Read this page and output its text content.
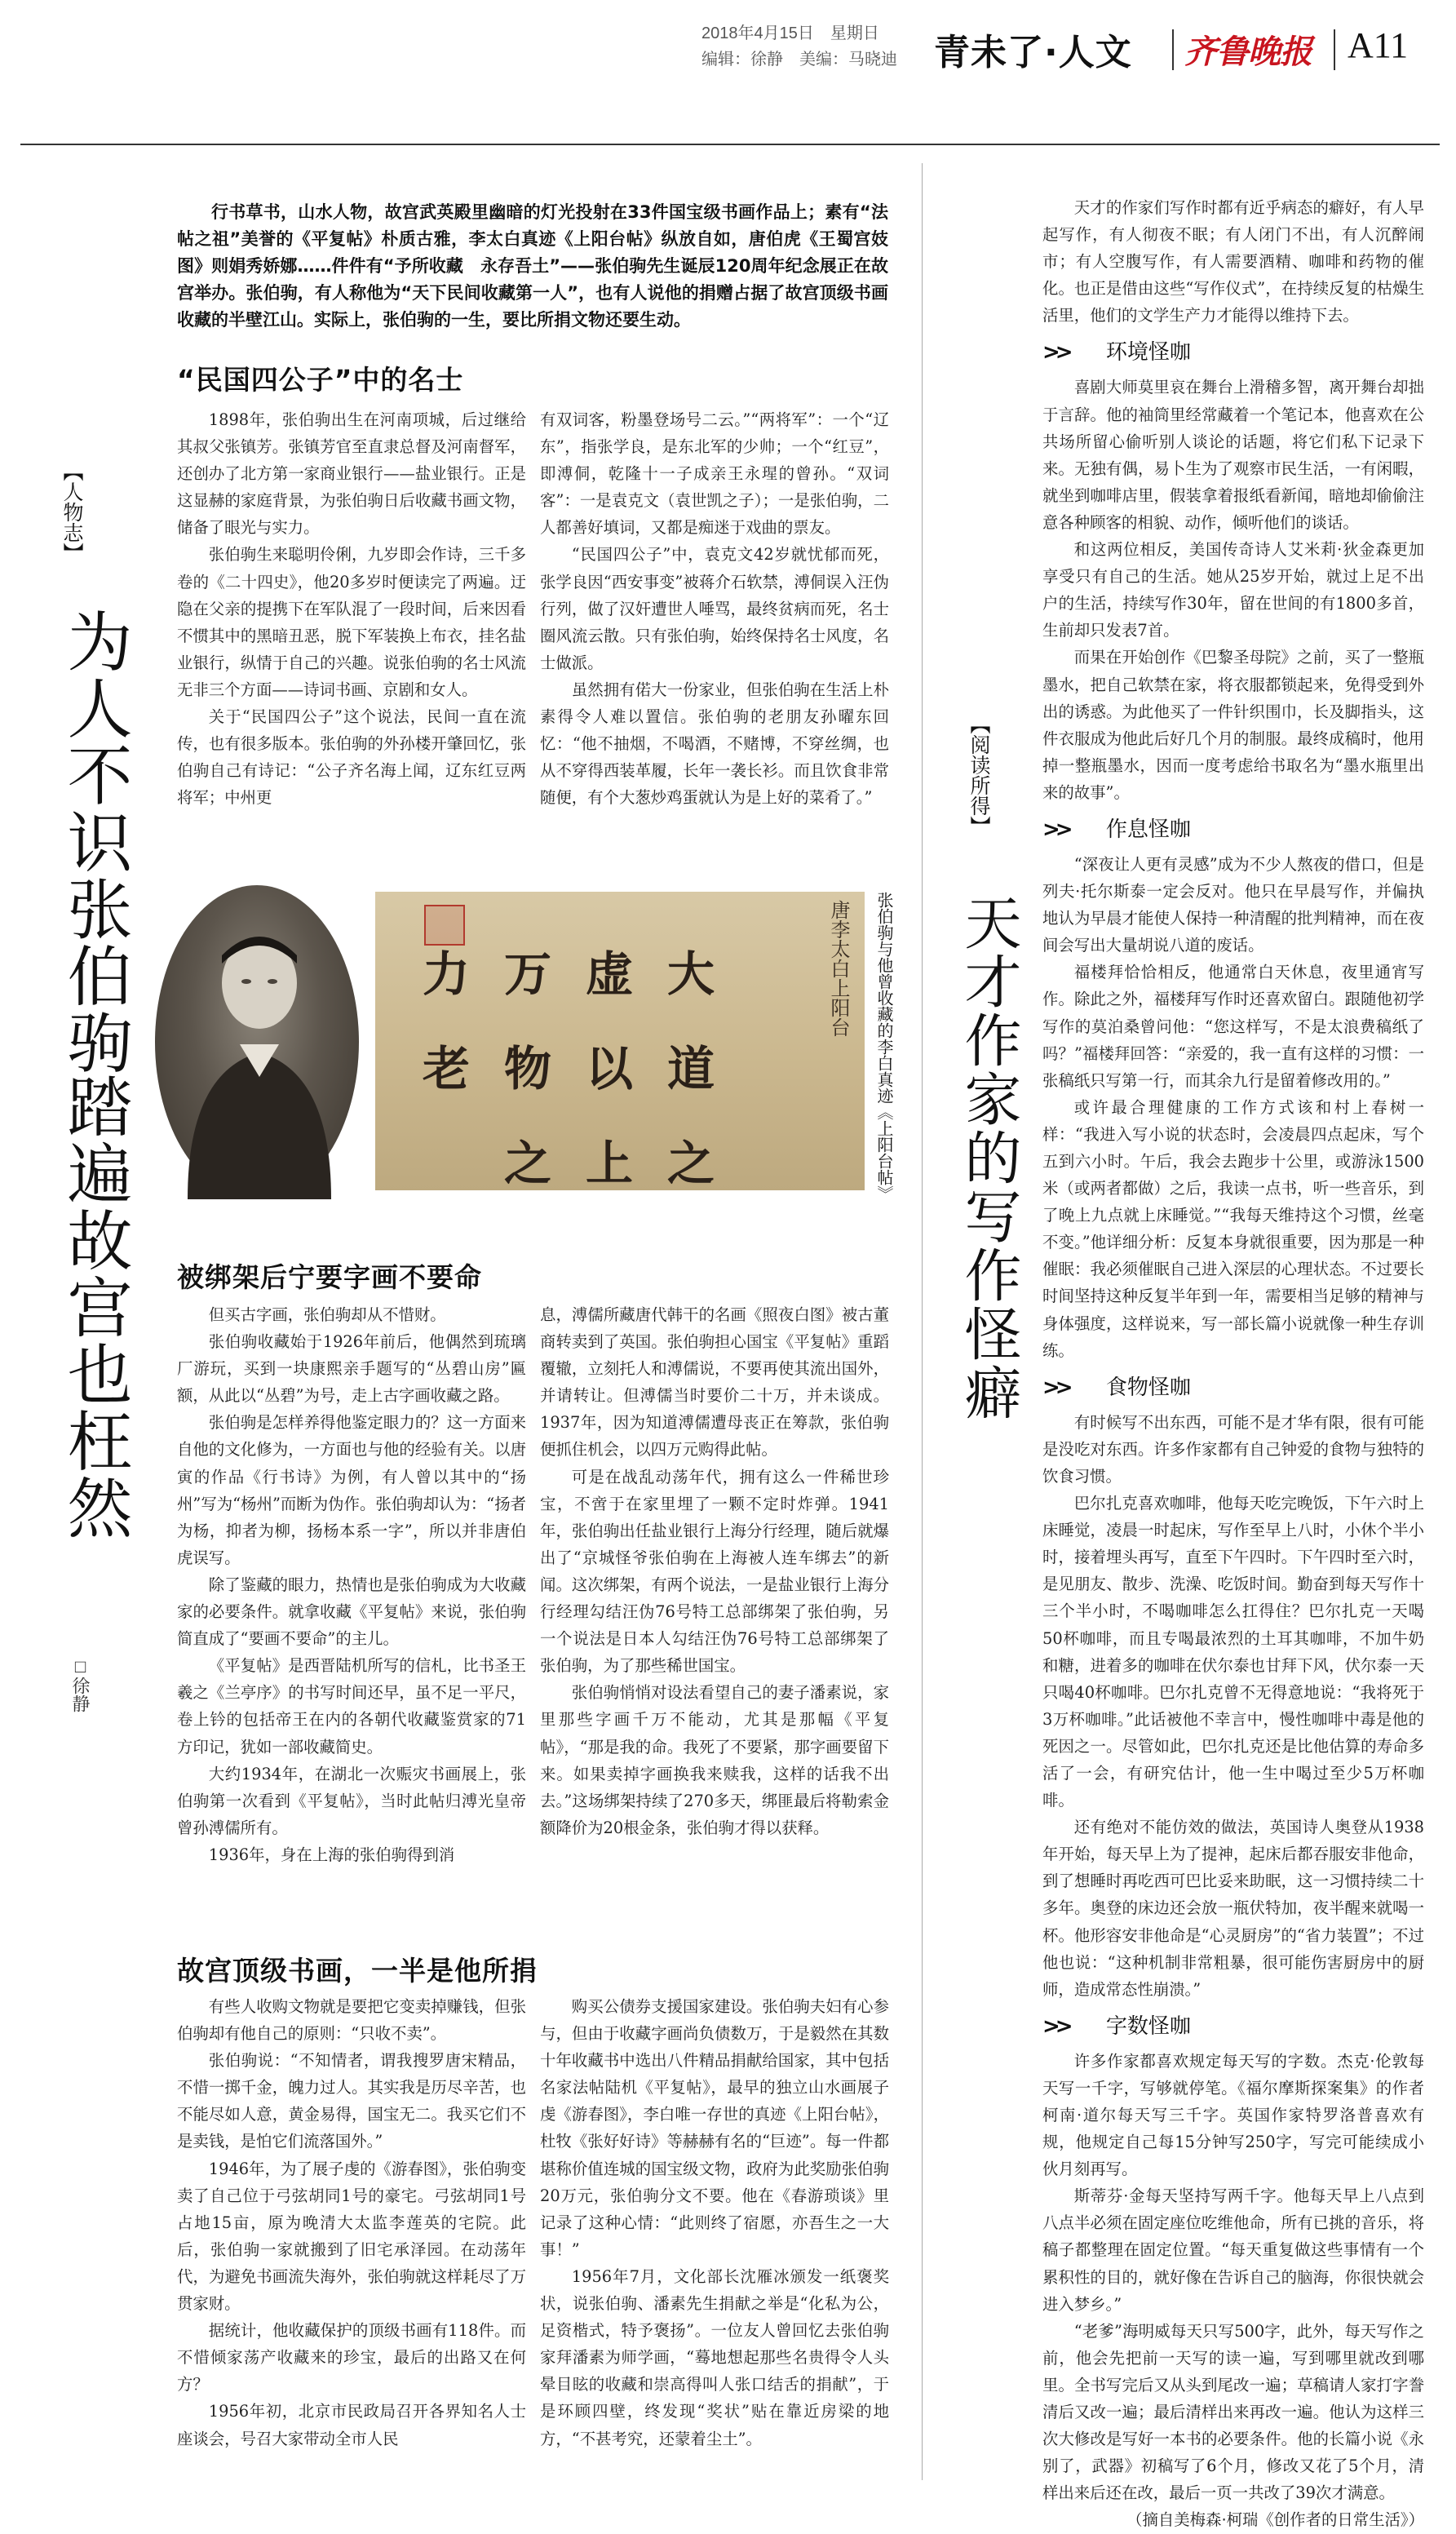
2018年4月15日　星期日
编辑：徐静　美编：马晓迪 青未了·人文 齐鲁晚报 A11
【人物志】
踏遍故宫也枉然
为人不识张伯驹
□徐静

行书草书，山水人物，故宫武英殿里幽暗的灯光投射在33件国宝级书画作品上；素有“法帖之祖”美誉的《平复帖》朴质古雅，李太白真迹《上阳台帖》纵放自如，唐伯虎《王蜀宫妓图》则娟秀娇娜……件件有“予所收藏　永存吾土”——张伯驹先生诞辰120周年纪念展正在故宫举办。张伯驹，有人称他为“天下民间收藏第一人”，也有人说他的捐赠占据了故宫顶级书画收藏的半壁江山。实际上，张伯驹的一生，要比所捐文物还要生动。

“民国四公子”中的名士

1898年，张伯驹出生在河南项城，后过继给其叔父张镇芳。张镇芳官至直隶总督及河南督军，还创办了北方第一家商业银行——盐业银行。正是这显赫的家庭背景，为张伯驹日后收藏书画文物，储备了眼光与实力。

张伯驹生来聪明伶俐，九岁即会作诗，三千多卷的《二十四史》，他20多岁时便读完了两遍。迂隐在父亲的提携下在军队混了一段时间，后来因看不惯其中的黑暗丑恶，脱下军装换上布衣，挂名盐业银行，纵情于自己的兴趣。说张伯驹的名士风流无非三个方面——诗词书画、京剧和女人。

关于“民国四公子”这个说法，民间一直在流传，也有很多版本。张伯驹的外孙楼开肇回忆，张伯驹自己有诗记：“公子齐名海上闻，辽东红豆两将军；中州更

有双词客，粉墨登场号二云。”“两将军”：一个“辽东”，指张学良，是东北军的少帅；一个“红豆”，即溥侗，乾隆十一子成亲王永瑆的曾孙。“双词客”：一是袁克文（袁世凯之子）；一是张伯驹，二人都善好填词，又都是痴迷于戏曲的票友。

“民国四公子”中，袁克文42岁就忧郁而死，张学良因“西安事变”被蒋介石软禁，溥侗误入汪伪行列，做了汉奸遭世人唾骂，最终贫病而死，名士圈风流云散。只有张伯驹，始终保持名士风度，名士做派。

虽然拥有偌大一份家业，但张伯驹在生活上朴素得令人难以置信。张伯驹的老朋友孙曜东回忆：“他不抽烟，不喝酒，不赌博，不穿丝绸，也从不穿得西装革履，长年一袭长衫。而且饮食非常随便，有个大葱炒鸡蛋就认为是上好的菜肴了。”

大　道　之　虚　以　上　万　物　之　力　老	唐李太白上阳台 张伯驹与他曾收藏的李白真迹《上阳台帖》
被绑架后宁要字画不要命

但买古字画，张伯驹却从不惜财。

张伯驹收藏始于1926年前后，他偶然到琉璃厂游玩，买到一块康熙亲手题写的“丛碧山房”匾额，从此以“丛碧”为号，走上古字画收藏之路。

张伯驹是怎样养得他鉴定眼力的？这一方面来自他的文化修为，一方面也与他的经验有关。以唐寅的作品《行书诗》为例，有人曾以其中的“扬州”写为“杨州”而断为伪作。张伯驹却认为：“扬者为杨，抑者为柳，扬杨本系一字”，所以并非唐伯虎误写。

除了鉴藏的眼力，热情也是张伯驹成为大收藏家的必要条件。就拿收藏《平复帖》来说，张伯驹简直成了“要画不要命”的主儿。

《平复帖》是西晋陆机所写的信札，比书圣王羲之《兰亭序》的书写时间还早，虽不足一平尺，卷上钤的包括帝王在内的各朝代收藏鉴赏家的71方印记，犹如一部收藏简史。

大约1934年，在湖北一次赈灾书画展上，张伯驹第一次看到《平复帖》，当时此帖归溥光皇帝曾孙溥儒所有。

1936年，身在上海的张伯驹得到消

息，溥儒所藏唐代韩干的名画《照夜白图》被古董商转卖到了英国。张伯驹担心国宝《平复帖》重蹈覆辙，立刻托人和溥儒说，不要再使其流出国外，并请转让。但溥儒当时要价二十万，并未谈成。1937年，因为知道溥儒遭母丧正在筹款，张伯驹便抓住机会，以四万元购得此帖。

可是在战乱动荡年代，拥有这么一件稀世珍宝，不啻于在家里埋了一颗不定时炸弹。1941年，张伯驹出任盐业银行上海分行经理，随后就爆出了“京城怪爷张伯驹在上海被人连车绑去”的新闻。这次绑架，有两个说法，一是盐业银行上海分行经理勾结汪伪76号特工总部绑架了张伯驹，另一个说法是日本人勾结汪伪76号特工总部绑架了张伯驹，为了那些稀世国宝。

张伯驹悄悄对设法看望自己的妻子潘素说，家里那些字画千万不能动，尤其是那幅《平复帖》，“那是我的命。我死了不要紧，那字画要留下来。如果卖掉字画换我来赎我，这样的话我不出去。”这场绑架持续了270多天，绑匪最后将勒索金额降价为20根金条，张伯驹才得以获释。

故宫顶级书画，一半是他所捐

有些人收购文物就是要把它变卖掉赚钱，但张伯驹却有他自己的原则：“只收不卖”。

张伯驹说：“不知情者，谓我搜罗唐宋精品，不惜一掷千金，魄力过人。其实我是历尽辛苦，也不能尽如人意，黄金易得，国宝无二。我买它们不是卖钱，是怕它们流落国外。”

1946年，为了展子虔的《游春图》，张伯驹变卖了自己位于弓弦胡同1号的豪宅。弓弦胡同1号占地15亩，原为晚清大太监李莲英的宅院。此后，张伯驹一家就搬到了旧宅承泽园。在动荡年代，为避免书画流失海外，张伯驹就这样耗尽了万贯家财。

据统计，他收藏保护的顶级书画有118件。而不惜倾家荡产收藏来的珍宝，最后的出路又在何方？

1956年初，北京市民政局召开各界知名人士座谈会，号召大家带动全市人民

购买公债券支援国家建设。张伯驹夫妇有心参与，但由于收藏字画尚负债数万，于是毅然在其数十年收藏书中选出八件精品捐献给国家，其中包括名家法帖陆机《平复帖》，最早的独立山水画展子虔《游春图》，李白唯一存世的真迹《上阳台帖》，杜牧《张好好诗》等赫赫有名的“巨迹”。每一件都堪称价值连城的国宝级文物，政府为此奖励张伯驹20万元，张伯驹分文不要。他在《春游琐谈》里记录了这种心情：“此则终了宿愿，亦吾生之一大事！”

1956年7月，文化部长沈雁冰颁发一纸褒奖状，说张伯驹、潘素先生捐献之举是“化私为公，足资楷式，特予褒扬”。一位友人曾回忆去张伯驹家拜潘素为师学画，“蓦地想起那些名贵得令人头晕目眩的收藏和崇高得叫人张口结舌的捐献”，于是环顾四壁，终发现“奖状”贴在靠近房梁的地方，“不甚考究，还蒙着尘土”。

【阅读所得】
天才作家的写作怪癖

天才的作家们写作时都有近乎病态的癖好，有人早起写作，有人彻夜不眠；有人闭门不出，有人沉醉闹市；有人空腹写作，有人需要酒精、咖啡和药物的催化。也正是借由这些“写作仪式”，在持续反复的枯燥生活里，他们的文学生产力才能得以维持下去。

>> 环境怪咖

喜剧大师莫里哀在舞台上滑稽多智，离开舞台却拙于言辞。他的袖筒里经常藏着一个笔记本，他喜欢在公共场所留心偷听别人谈论的话题，将它们私下记录下来。无独有偶，易卜生为了观察市民生活，一有闲暇，就坐到咖啡店里，假装拿着报纸看新闻，暗地却偷偷注意各种顾客的相貌、动作，倾听他们的谈话。

和这两位相反，美国传奇诗人艾米莉·狄金森更加享受只有自己的生活。她从25岁开始，就过上足不出户的生活，持续写作30年，留在世间的有1800多首，生前却只发表7首。

而果在开始创作《巴黎圣母院》之前，买了一整瓶墨水，把自己软禁在家，将衣服都锁起来，免得受到外出的诱惑。为此他买了一件针织围巾，长及脚指头，这件衣服成为他此后好几个月的制服。最终成稿时，他用掉一整瓶墨水，因而一度考虑给书取名为“墨水瓶里出来的故事”。

>> 作息怪咖

“深夜让人更有灵感”成为不少人熬夜的借口，但是列夫·托尔斯泰一定会反对。他只在早晨写作，并偏执地认为早晨才能使人保持一种清醒的批判精神，而在夜间会写出大量胡说八道的废话。

福楼拜恰恰相反，他通常白天休息，夜里通宵写作。除此之外，福楼拜写作时还喜欢留白。跟随他初学写作的莫泊桑曾问他：“您这样写，不是太浪费稿纸了吗？”福楼拜回答：“亲爱的，我一直有这样的习惯：一张稿纸只写第一行，而其余九行是留着修改用的。”

或许最合理健康的工作方式该和村上春树一样：“我进入写小说的状态时，会凌晨四点起床，写个五到六小时。午后，我会去跑步十公里，或游泳1500米（或两者都做）之后，我读一点书，听一些音乐，到了晚上九点就上床睡觉。”“我每天维持这个习惯，丝毫不变。”他详细分析：反复本身就很重要，因为那是一种催眠：我必须催眠自己进入深层的心理状态。不过要长时间坚持这种反复半年到一年，需要相当足够的精神与身体强度，这样说来，写一部长篇小说就像一种生存训练。

>> 食物怪咖

有时候写不出东西，可能不是才华有限，很有可能是没吃对东西。许多作家都有自己钟爱的食物与独特的饮食习惯。

巴尔扎克喜欢咖啡，他每天吃完晚饭，下午六时上床睡觉，凌晨一时起床，写作至早上八时，小休个半小时，接着埋头再写，直至下午四时。下午四时至六时，是见朋友、散步、洗澡、吃饭时间。勤奋到每天写作十三个半小时，不喝咖啡怎么扛得住？巴尔扎克一天喝50杯咖啡，而且专喝最浓烈的土耳其咖啡，不加牛奶和糖，进着多的咖啡在伏尔泰也甘拜下风，伏尔泰一天只喝40杯咖啡。巴尔扎克曾不无得意地说：“我将死于3万杯咖啡。”此话被他不幸言中，慢性咖啡中毒是他的死因之一。尽管如此，巴尔扎克还是比他估算的寿命多活了一会，有研究估计，他一生中喝过至少5万杯咖啡。

还有绝对不能仿效的做法，英国诗人奥登从1938年开始，每天早上为了提神，起床后都吞服安非他命，到了想睡时再吃西可巴比妥来助眠，这一习惯持续二十多年。奥登的床边还会放一瓶伏特加，夜半醒来就喝一杯。他形容安非他命是“心灵厨房”的“省力装置”；不过他也说：“这种机制非常粗暴，很可能伤害厨房中的厨师，造成常态性崩溃。”

>> 字数怪咖

许多作家都喜欢规定每天写的字数。杰克·伦敦每天写一千字，写够就停笔。《福尔摩斯探案集》的作者柯南·道尔每天写三千字。英国作家特罗洛普喜欢有规，他规定自己每15分钟写250字，写完可能续成小伙月刻再写。

斯蒂芬·金每天坚持写两千字。他每天早上八点到八点半必须在固定座位吃维他命，所有已挑的音乐，将稿子都整理在固定位置。“每天重复做这些事情有一个累积性的目的，就好像在告诉自己的脑海，你很快就会进入梦乡。”

“老爹”海明威每天只写500字，此外，每天写作之前，他会先把前一天写的读一遍，写到哪里就改到哪里。全书写完后又从头到尾改一遍；草稿请人家打字誊清后又改一遍；最后清样出来再改一遍。他认为这样三次大修改是写好一本书的必要条件。他的长篇小说《永别了，武器》初稿写了6个月，修改又花了5个月，清样出来后还在改，最后一页一共改了39次才满意。

（摘自美梅森·柯瑞《创作者的日常生活》）
